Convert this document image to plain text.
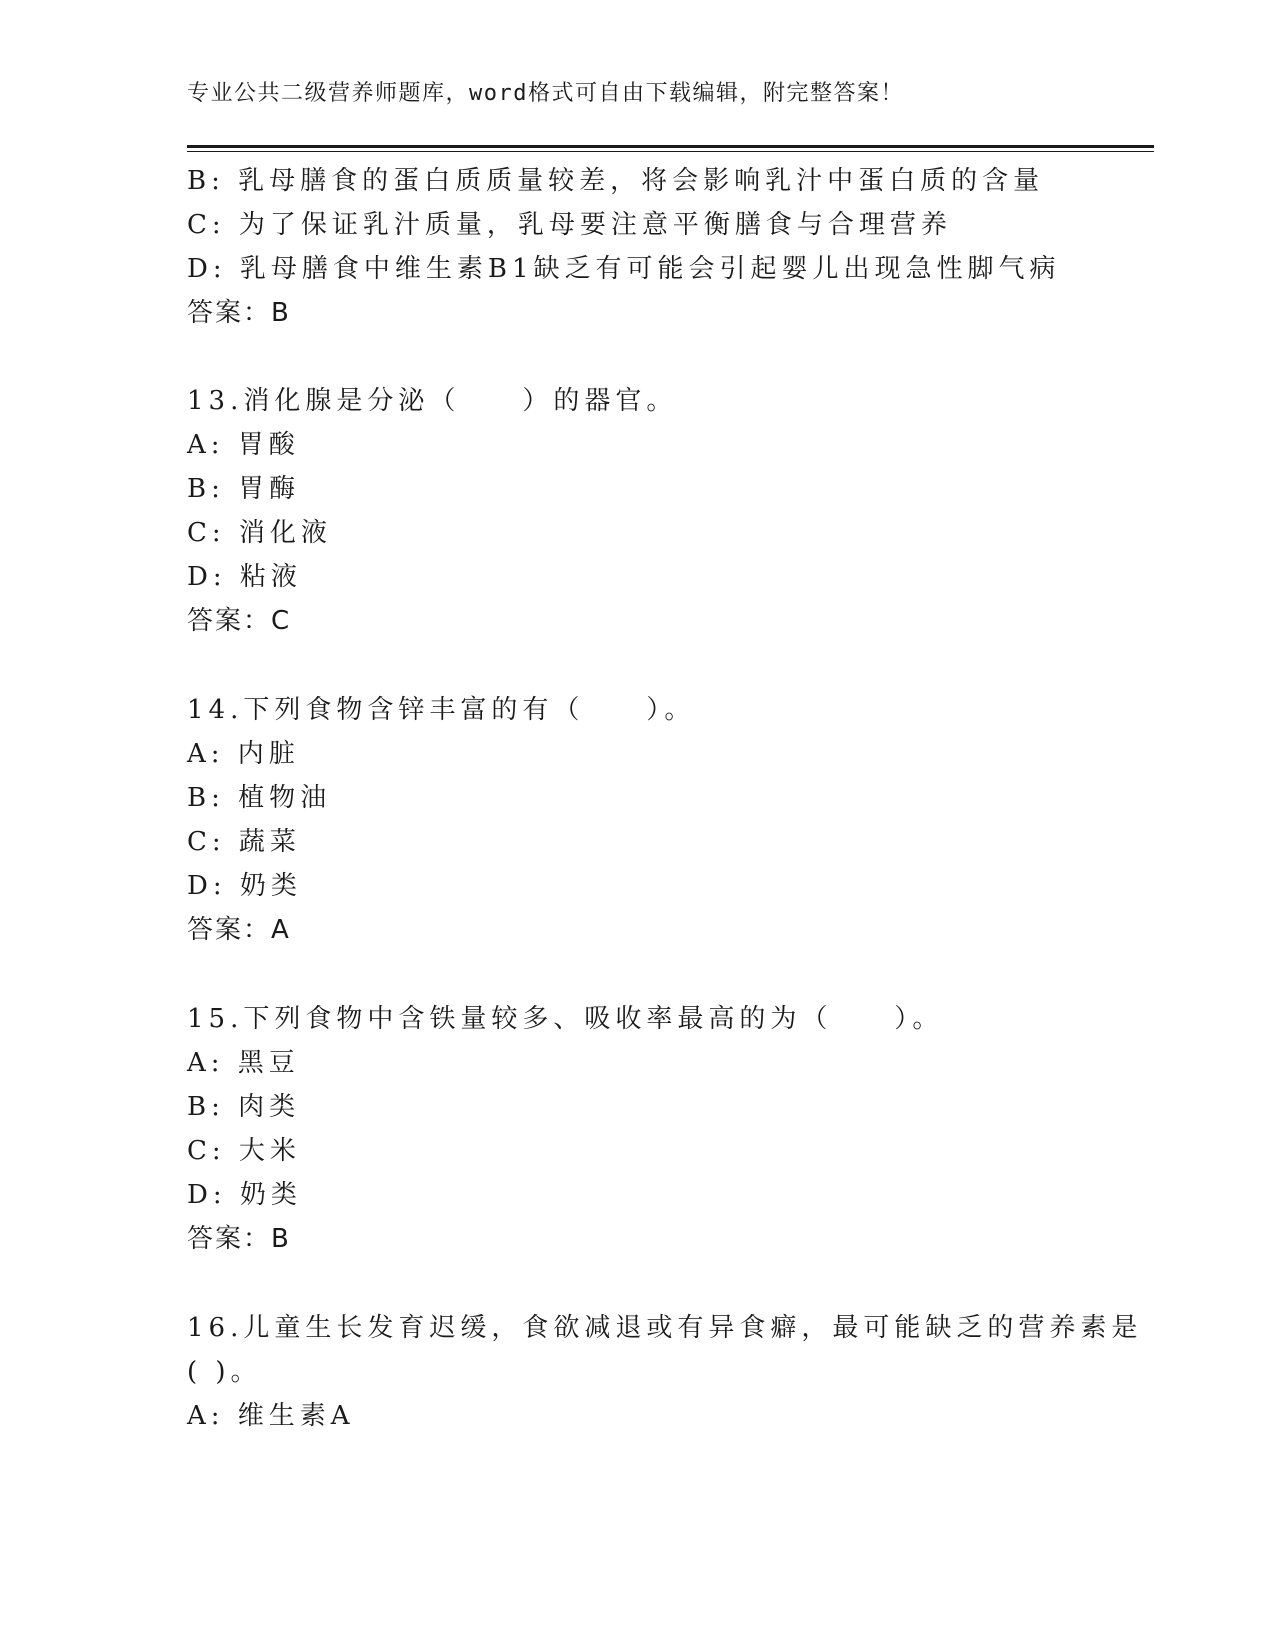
专业公共二级营养师题库，word格式可自由下载编辑，附完整答案！
B: 乳母膳食的蛋白质质量较差，将会影响乳汁中蛋白质的含量
C: 为了保证乳汁质量，乳母要注意平衡膳食与合理营养
D: 乳母膳食中维生素B1缺乏有可能会引起婴儿出现急性脚气病
答案：B
13.消化腺是分泌（　　）的器官。
A: 胃酸
B: 胃酶
C: 消化液
D: 粘液
答案：C
14.下列食物含锌丰富的有（　　）。
A: 内脏
B: 植物油
C: 蔬菜
D: 奶类
答案：A
15.下列食物中含铁量较多、吸收率最高的为（　　）。
A: 黑豆
B: 肉类
C: 大米
D: 奶类
答案：B
16.儿童生长发育迟缓，食欲减退或有异食癖，最可能缺乏的营养素是
( )。
A: 维生素A
